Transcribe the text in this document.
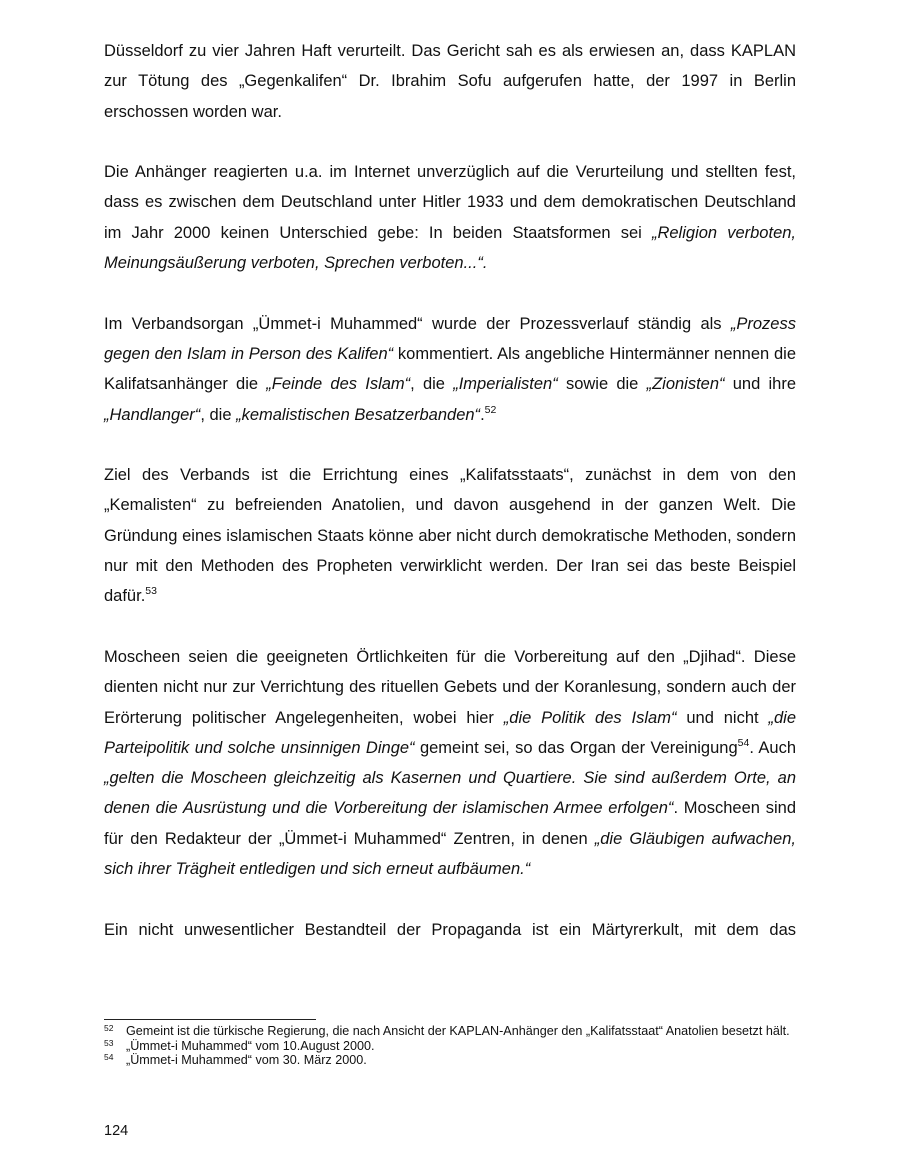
Düsseldorf zu vier Jahren Haft verurteilt. Das Gericht sah es als erwiesen an, dass KAPLAN zur Tötung des „Gegenkalifen“ Dr. Ibrahim Sofu aufgerufen hatte, der 1997 in Berlin erschossen worden war.

Die Anhänger reagierten u.a. im Internet unverzüglich auf die Verurteilung und stellten fest, dass es zwischen dem Deutschland unter Hitler 1933 und dem demokratischen Deutschland im Jahr 2000 keinen Unterschied gebe: In beiden Staatsformen sei „Religion verboten, Meinungsäußerung verboten, Sprechen verboten...“.

Im Verbandsorgan „Ümmet-i Muhammed“ wurde der Prozessverlauf ständig als „Prozess gegen den Islam in Person des Kalifen“ kommentiert. Als angebliche Hintermänner nennen die Kalifatsanhänger die „Feinde des Islam“, die „Imperialisten“ sowie die „Zionisten“ und ihre „Handlanger“, die „kemalistischen Besatzerbanden“.$^{52}$

Ziel des Verbands ist die Errichtung eines „Kalifatsstaats“, zunächst in dem von den „Kemalisten“ zu befreienden Anatolien, und davon ausgehend in der ganzen Welt. Die Gründung eines islamischen Staats könne aber nicht durch demokratische Methoden, sondern nur mit den Methoden des Propheten verwirklicht werden. Der Iran sei das beste Beispiel dafür.$^{53}$

Moscheen seien die geeigneten Örtlichkeiten für die Vorbereitung auf den „Djihad“. Diese dienten nicht nur zur Verrichtung des rituellen Gebets und der Koranlesung, sondern auch der Erörterung politischer Angelegenheiten, wobei hier „die Politik des Islam“ und nicht „die Parteipolitik und solche unsinnigen Dinge“ gemeint sei, so das Organ der Vereinigung$^{54}$. Auch „gelten die Moscheen gleichzeitig als Kasernen und Quartiere. Sie sind außerdem Orte, an denen die Ausrüstung und die Vorbereitung der islamischen Armee erfolgen“. Moscheen sind für den Redakteur der „Ümmet-i Muhammed“ Zentren, in denen „die Gläubigen aufwachen, sich ihrer Trägheit entledigen und sich erneut aufbäumen.“

Ein nicht unwesentlicher Bestandteil der Propaganda ist ein Märtyrerkult, mit dem das

52 Gemeint ist die türkische Regierung, die nach Ansicht der KAPLAN-Anhänger den „Kalifatsstaat“ Anatolien besetzt hält.
53 „Ümmet-i Muhammed“ vom 10.August 2000.
54 „Ümmet-i Muhammed“ vom 30. März 2000.
124
